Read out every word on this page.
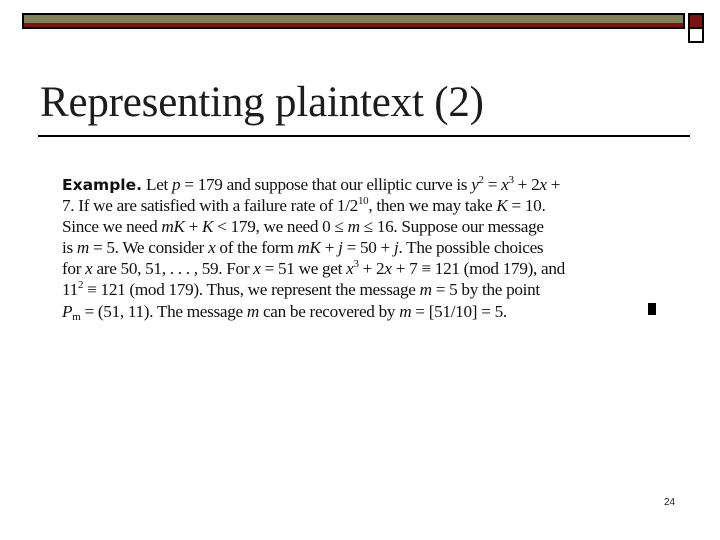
Representing plaintext (2)
Example. Let p = 179 and suppose that our elliptic curve is $y^2 = x^3 + 2x$ +
7. If we are satisfied with a failure rate of $1/2^{10}$, then we may take K = 10.
Since we need mK + K < 179, we need 0 ≤ m ≤ 16. Suppose our message
is m = 5. We consider x of the form mK + j = 50 + j. The possible choices
for x are 50, 51, . . . , 59. For x = 51 we get $x^3 + 2x + 7 \equiv 121$ (mod 179), and
$11^2 \equiv 121$ (mod 179). Thus, we represent the message m = 5 by the point
$P_m = (51$, 11). The message m can be recovered by m = [51/10] = 5.
24
